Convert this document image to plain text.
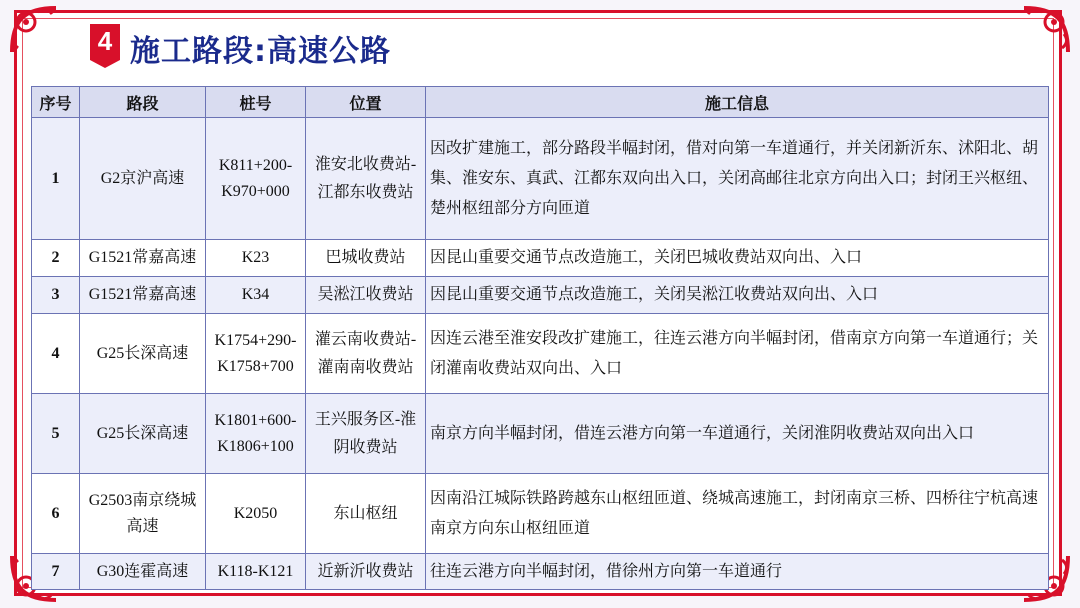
4 施工路段:高速公路
序号	路段	桩号	位置	施工信息
1	G2京沪高速	K811+200-K970+000	淮安北收费站-江都东收费站	因改扩建施工，部分路段半幅封闭，借对向第一车道通行，并关闭新沂东、沭阳北、胡集、淮安东、真武、江都东双向出入口，关闭高邮往北京方向出入口；封闭王兴枢纽、楚州枢纽部分方向匝道
2	G1521常嘉高速	K23	巴城收费站	因昆山重要交通节点改造施工，关闭巴城收费站双向出、入口
3	G1521常嘉高速	K34	吴淞江收费站	因昆山重要交通节点改造施工，关闭吴淞江收费站双向出、入口
4	G25长深高速	K1754+290-K1758+700	灌云南收费站-灌南南收费站	因连云港至淮安段改扩建施工，往连云港方向半幅封闭，借南京方向第一车道通行；关闭灌南收费站双向出、入口
5	G25长深高速	K1801+600-K1806+100	王兴服务区-淮阴收费站	南京方向半幅封闭，借连云港方向第一车道通行，关闭淮阴收费站双向出入口
6	G2503南京绕城高速	K2050	东山枢纽	因南沿江城际铁路跨越东山枢纽匝道、绕城高速施工，封闭南京三桥、四桥往宁杭高速南京方向东山枢纽匝道
7	G30连霍高速	K118-K121	近新沂收费站	往连云港方向半幅封闭，借徐州方向第一车道通行
